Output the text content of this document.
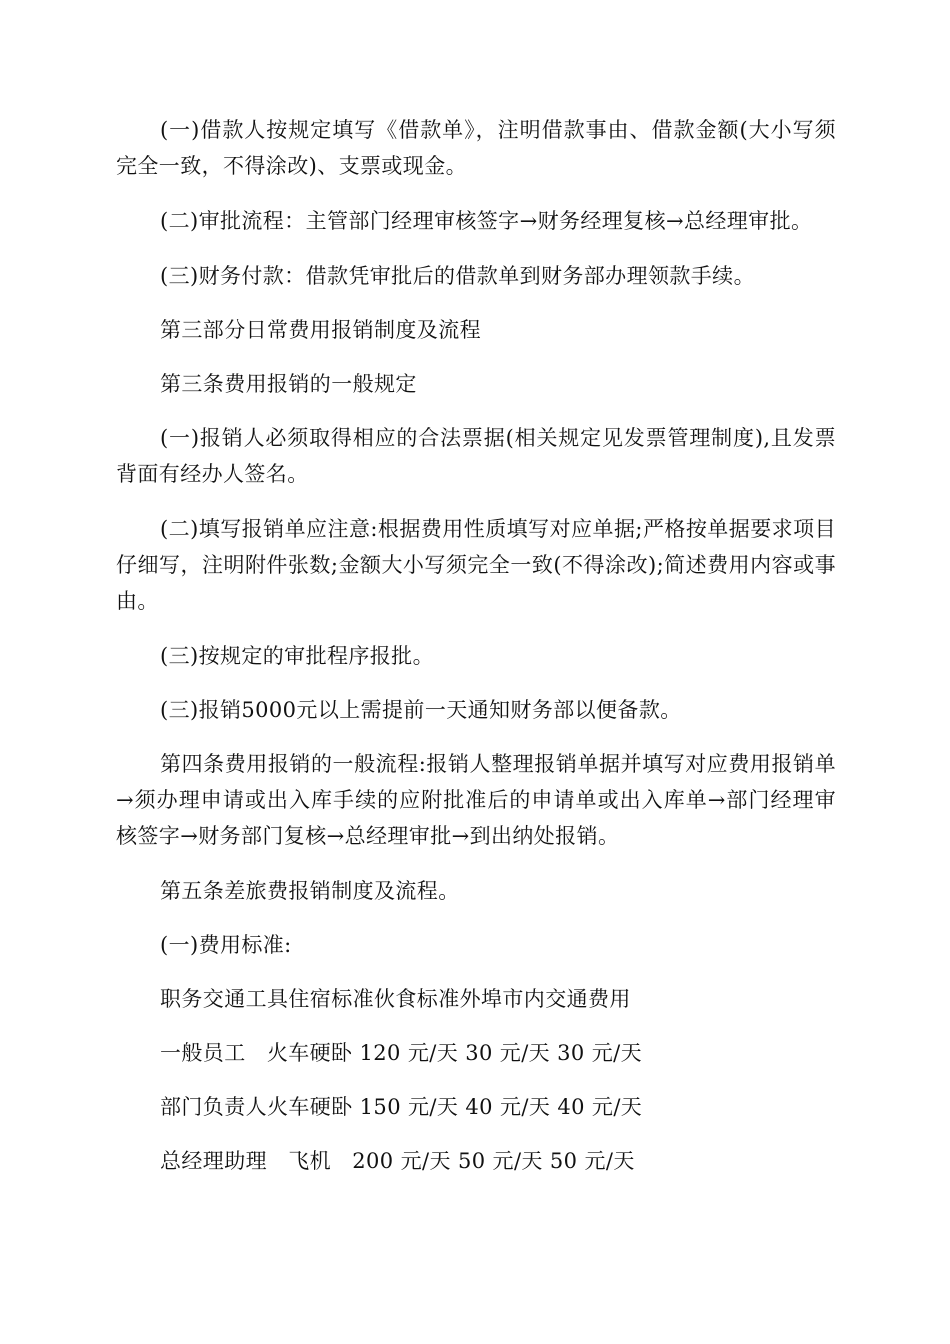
(一)借款人按规定填写《借款单》，注明借款事由、借款金额(大小写须完全一致，不得涂改)、支票或现金。

(二)审批流程：主管部门经理审核签字→财务经理复核→总经理审批。

(三)财务付款：借款凭审批后的借款单到财务部办理领款手续。

第三部分日常费用报销制度及流程

第三条费用报销的一般规定

(一)报销人必须取得相应的合法票据(相关规定见发票管理制度),且发票背面有经办人签名。

(二)填写报销单应注意:根据费用性质填写对应单据;严格按单据要求项目仔细写，注明附件张数;金额大小写须完全一致(不得涂改);简述费用内容或事由。

(三)按规定的审批程序报批。

(三)报销5000元以上需提前一天通知财务部以便备款。

第四条费用报销的一般流程:报销人整理报销单据并填写对应费用报销单→须办理申请或出入库手续的应附批准后的申请单或出入库单→部门经理审核签字→财务部门复核→总经理审批→到出纳处报销。

第五条差旅费报销制度及流程。

(一)费用标准:

职务交通工具住宿标准伙食标准外埠市内交通费用
一般员工   火车硬卧 120 元/天 30 元/天 30 元/天
部门负责人火车硬卧 150 元/天 40 元/天 40 元/天
总经理助理   飞机   200 元/天 50 元/天 50 元/天
